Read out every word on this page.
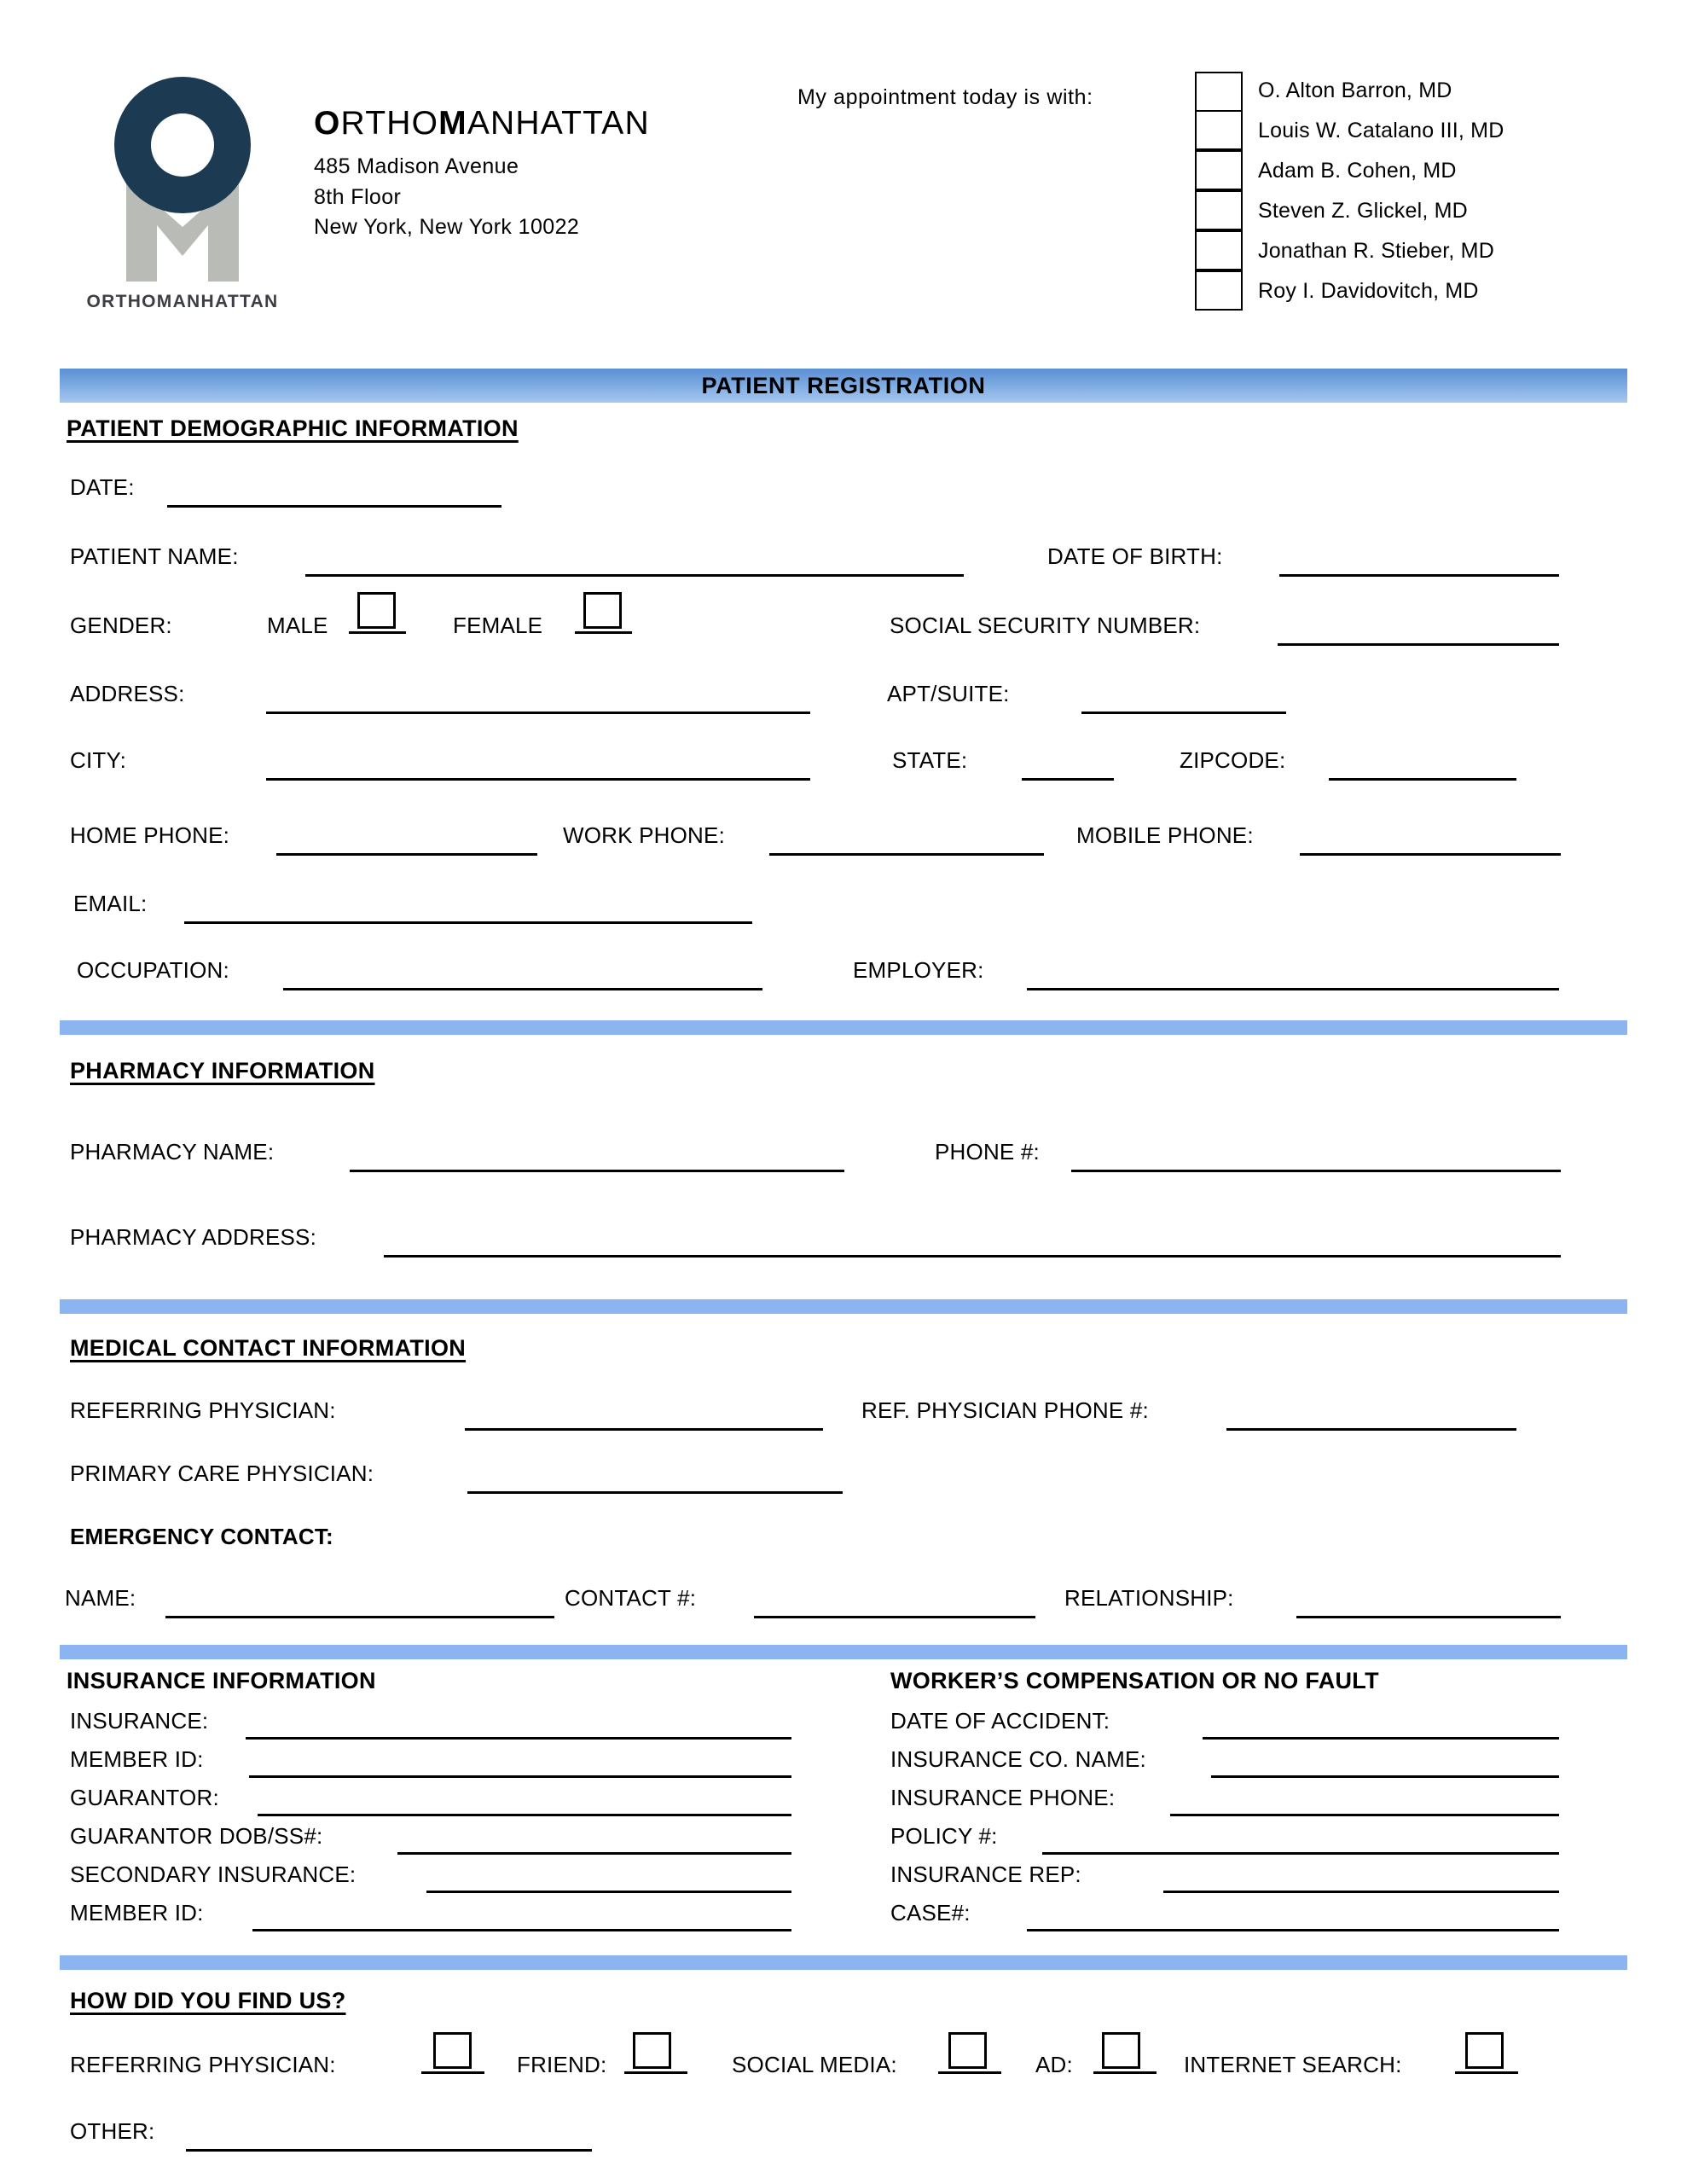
ORTHOMANHATTAN
ORTHOMANHATTAN
485 Madison Avenue
8th Floor
New York, New York 10022
My appointment today is with:	O. Alton Barron, MD
Louis W. Catalano III, MD
Adam B. Cohen, MD
Steven Z. Glickel, MD
Jonathan R. Stieber, MD
Roy I. Davidovitch, MD
PATIENT REGISTRATION
PATIENT DEMOGRAPHIC INFORMATION
DATE:
PATIENT NAME:	DATE OF BIRTH:
GENDER:	MALE	FEMALE	SOCIAL SECURITY NUMBER:
ADDRESS:	APT/SUITE:
CITY:	STATE:	ZIPCODE:
HOME PHONE:	WORK PHONE:	MOBILE PHONE:
EMAIL:
OCCUPATION:	EMPLOYER:
PHARMACY INFORMATION
PHARMACY NAME:	PHONE #:
PHARMACY ADDRESS:
MEDICAL CONTACT INFORMATION
REFERRING PHYSICIAN:	REF. PHYSICIAN PHONE #:
PRIMARY CARE PHYSICIAN:
EMERGENCY CONTACT:
NAME:	CONTACT #:	RELATIONSHIP:
INSURANCE INFORMATION
INSURANCE:
MEMBER ID:
GUARANTOR:
GUARANTOR DOB/SS#:
SECONDARY INSURANCE:
MEMBER ID:
WORKER’S COMPENSATION OR NO FAULT
DATE OF ACCIDENT:
INSURANCE CO. NAME:
INSURANCE PHONE:
POLICY #:
INSURANCE REP:
CASE#:
HOW DID YOU FIND US?
REFERRING PHYSICIAN:	FRIEND:	SOCIAL MEDIA:	AD:	INTERNET SEARCH:
OTHER:
